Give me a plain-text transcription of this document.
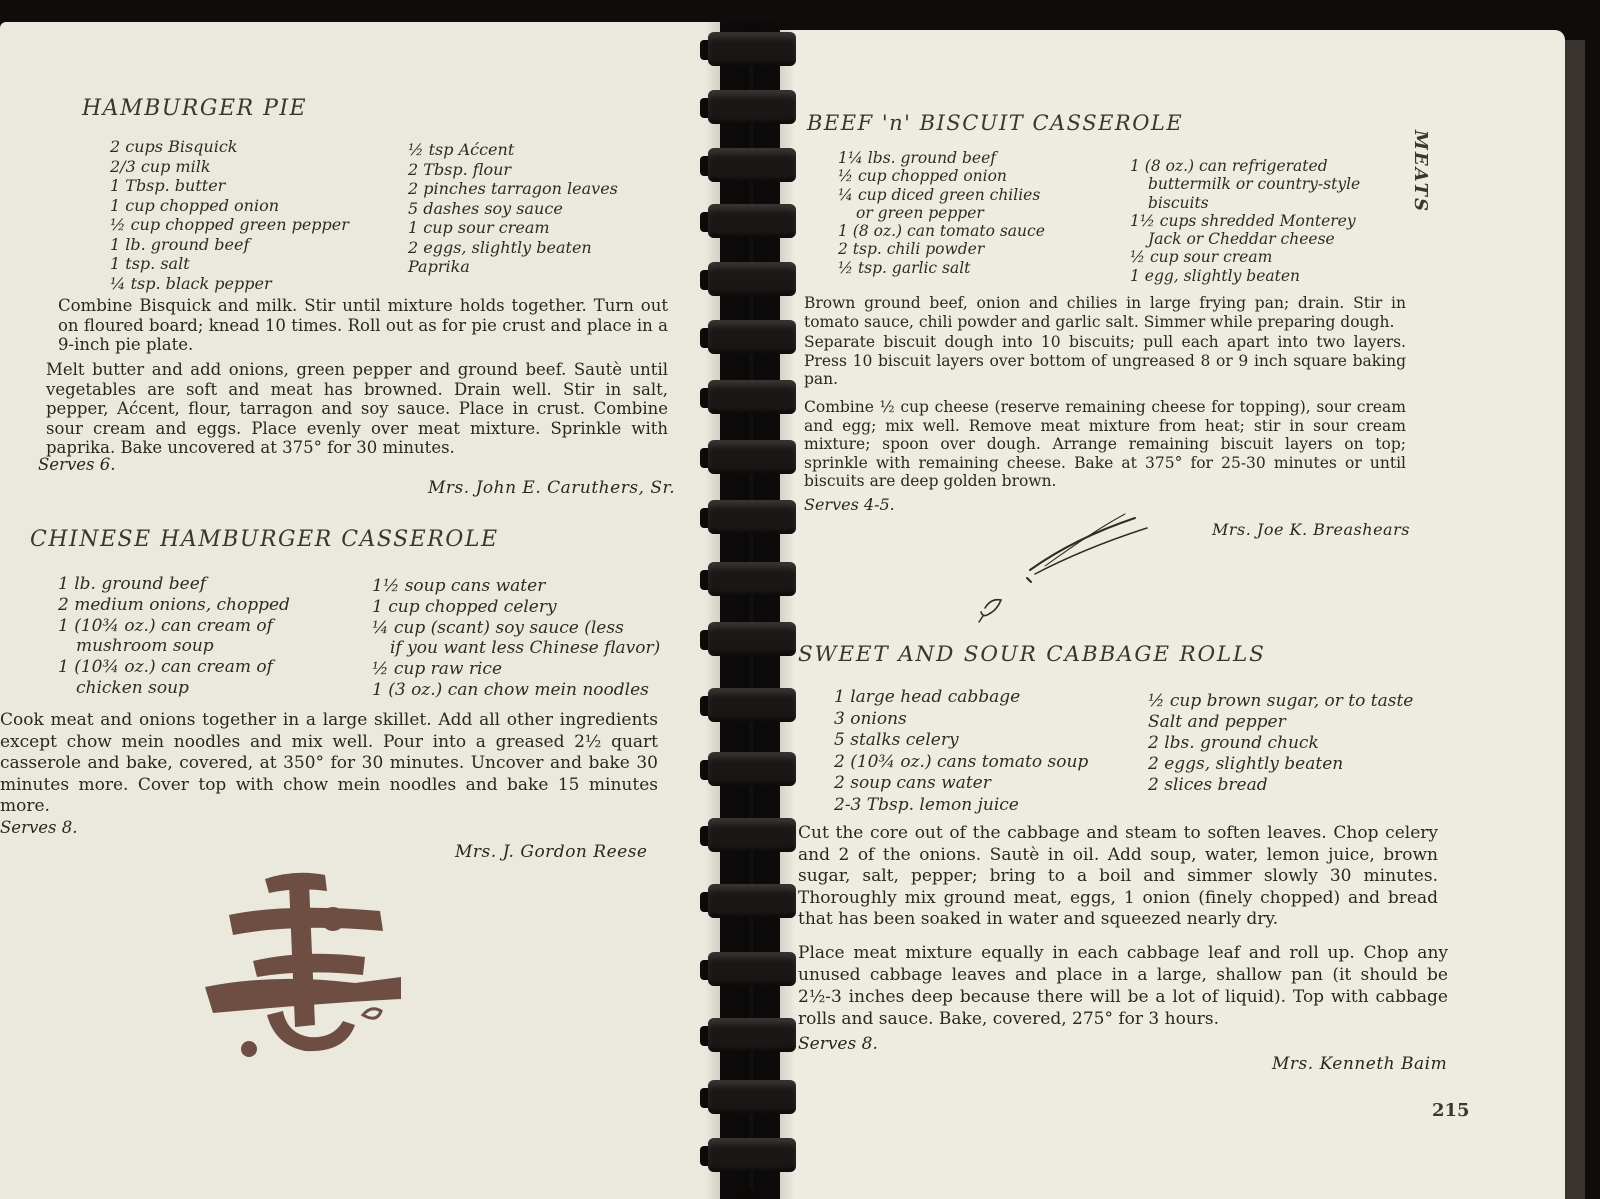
HAMBURGER PIE
2 cups Bisquick
2/3 cup milk
1 Tbsp. butter
1 cup chopped onion
½ cup chopped green pepper
1 lb. ground beef
1 tsp. salt
¼ tsp. black pepper
½ tsp Aćcent
2 Tbsp. flour
2 pinches tarragon leaves
5 dashes soy sauce
1 cup sour cream
2 eggs, slightly beaten
Paprika
Combine Bisquick and milk. Stir until mixture holds together. Turn out on floured board; knead 10 times. Roll out as for pie crust and place in a 9-inch pie plate.
Melt butter and add onions, green pepper and ground beef. Sautè until vegetables are soft and meat has browned. Drain well. Stir in salt, pepper, Aćcent, flour, tarragon and soy sauce. Place in crust. Combine sour cream and eggs. Place evenly over meat mixture. Sprinkle with paprika. Bake uncovered at 375° for 30 minutes.
Serves 6.
Mrs. John E. Caruthers, Sr.
CHINESE HAMBURGER CASSEROLE
1 lb. ground beef
2 medium onions, chopped
1 (10¾ oz.) can cream of
mushroom soup
1 (10¾ oz.) can cream of
chicken soup
1½ soup cans water
1 cup chopped celery
¼ cup (scant) soy sauce (less
if you want less Chinese flavor)
½ cup raw rice
1 (3 oz.) can chow mein noodles
Cook meat and onions together in a large skillet. Add all other ingredients except chow mein noodles and mix well. Pour into a greased 2½ quart casserole and bake, covered, at 350° for 30 minutes. Uncover and bake 30 minutes more. Cover top with chow mein noodles and bake 15 minutes more.
Serves 8.
Mrs. J. Gordon Reese
MEATS
BEEF 'n' BISCUIT CASSEROLE
1¼ lbs. ground beef
½ cup chopped onion
¼ cup diced green chilies
or green pepper
1 (8 oz.) can tomato sauce
2 tsp. chili powder
½ tsp. garlic salt
1 (8 oz.) can refrigerated
buttermilk or country-style
biscuits
1½ cups shredded Monterey
Jack or Cheddar cheese
½ cup sour cream
1 egg, slightly beaten
Brown ground beef, onion and chilies in large frying pan; drain. Stir in tomato sauce, chili powder and garlic salt. Simmer while preparing dough.
Separate biscuit dough into 10 biscuits; pull each apart into two layers. Press 10 biscuit layers over bottom of ungreased 8 or 9 inch square baking pan.
Combine ½ cup cheese (reserve remaining cheese for topping), sour cream and egg; mix well. Remove meat mixture from heat; stir in sour cream mixture; spoon over dough. Arrange remaining biscuit layers on top; sprinkle with remaining cheese. Bake at 375° for 25-30 minutes or until biscuits are deep golden brown.
Serves 4-5.
Mrs. Joe K. Breashears
SWEET AND SOUR CABBAGE ROLLS
1 large head cabbage
3 onions
5 stalks celery
2 (10¾ oz.) cans tomato soup
2 soup cans water
2-3 Tbsp. lemon juice
½ cup brown sugar, or to taste
Salt and pepper
2 lbs. ground chuck
2 eggs, slightly beaten
2 slices bread
Cut the core out of the cabbage and steam to soften leaves. Chop celery and 2 of the onions. Sautè in oil. Add soup, water, lemon juice, brown sugar, salt, pepper; bring to a boil and simmer slowly 30 minutes. Thoroughly mix ground meat, eggs, 1 onion (finely chopped) and bread that has been soaked in water and squeezed nearly dry.
Place meat mixture equally in each cabbage leaf and roll up. Chop any unused cabbage leaves and place in a large, shallow pan (it should be 2½-3 inches deep because there will be a lot of liquid). Top with cabbage rolls and sauce. Bake, covered, 275° for 3 hours.
Serves 8.
Mrs. Kenneth Baim
215
